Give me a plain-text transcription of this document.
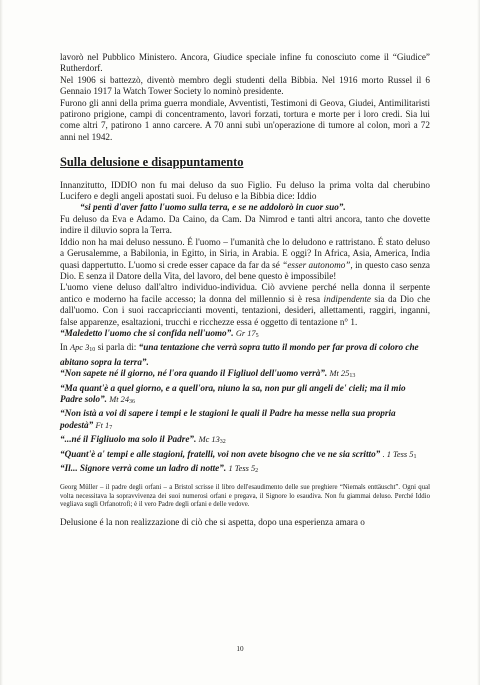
lavorò nel Pubblico Ministero. Ancora, Giudice speciale infine fu conosciuto come il “Giudice” Rutherdorf.

Nel 1906 si battezzò, diventò membro degli studenti della Bibbia. Nel 1916 morto Russel il 6 Gennaio 1917 la Watch Tower Society lo nominò presidente.

Furono gli anni della prima guerra mondiale, Avventisti, Testimoni di Geova, Giudei, Antimilitaristi patirono prigione, campi di concentramento, lavori forzati, tortura e morte per i loro credi. Sia lui come altri 7, patirono 1 anno carcere. A 70 anni subì un'operazione di tumore al colon, morì a 72 anni nel 1942.

Sulla delusione e disappuntamento

Innanzitutto, IDDIO non fu mai deluso da suo Figlio. Fu deluso la prima volta dal cherubino Lucifero e degli angeli apostati suoi. Fu deluso e la Bibbia dice: Iddio

“si pentì d'aver fatto l'uomo sulla terra, e se ne addolorò in cuor suo”.

Fu deluso da Eva e Adamo. Da Caino, da Cam. Da Nimrod e tanti altri ancora, tanto che dovette indire il diluvio sopra la Terra.

Iddio non ha mai deluso nessuno. É l'uomo – l'umanità che lo deludono e rattristano. É stato deluso a Gerusalemme, a Babilonia, in Egitto, in Siria, in Arabia. E oggi? In Africa, Asia, America, India quasi dappertutto. L'uomo si crede esser capace da far da sé “esser autonomo”, in questo caso senza Dio. E senza il Datore della Vita, del lavoro, del bene questo è impossibile!

L'uomo viene deluso dall'altro individuo-individua. Ciò avviene perché nella donna il serpente antico e moderno ha facile accesso; la donna del millennio si è resa indipendente sia da Dio che dall'uomo. Con i suoi raccapriccianti moventi, tentazioni, desideri, allettamenti, raggiri, inganni, false apparenze, esaltazioni, trucchi e ricchezze essa é oggetto di tentazione n° 1.

“Maledetto l'uomo che si confida nell'uomo”. Gr 175

In Apc 310 si parla di: “una tentazione che verrà sopra tutto il mondo per far prova di coloro che abitano sopra la terra”.

“Non sapete né il giorno, né l'ora quando il Figliuol dell'uomo verrà”. Mt 2513

“Ma quant'è a quel giorno, e a quell'ora, niuno la sa, non pur gli angeli de' cieli; ma il mio Padre solo”. Mt 2436

“Non istà a voi di sapere i tempi e le stagioni le quali il Padre ha messe nella sua propria podestà” Ft 17

“...né il Figliuolo ma solo il Padre”. Mc 1332

“Quant'è a' tempi e alle stagioni, fratelli, voi non avete bisogno che ve ne sia scritto” . 1 Tess 51

“Il... Signore verrà come un ladro di notte”. 1 Tess 52

Georg Müller – il padre degli orfani – a Bristol scrisse il libro dell'esaudimento delle sue preghiere “Niemals enttäuscht”. Ogni qual volta necessitava la sopravvivenza dei suoi numerosi orfani e pregava, il Signore lo esaudiva. Non fu giammai deluso. Perché Iddio vegliava sugli Orfanotrofi; è il vero Padre degli orfani e delle vedove.

Delusione é la non realizzazione di ciò che si aspetta, dopo una esperienza amara o

10
